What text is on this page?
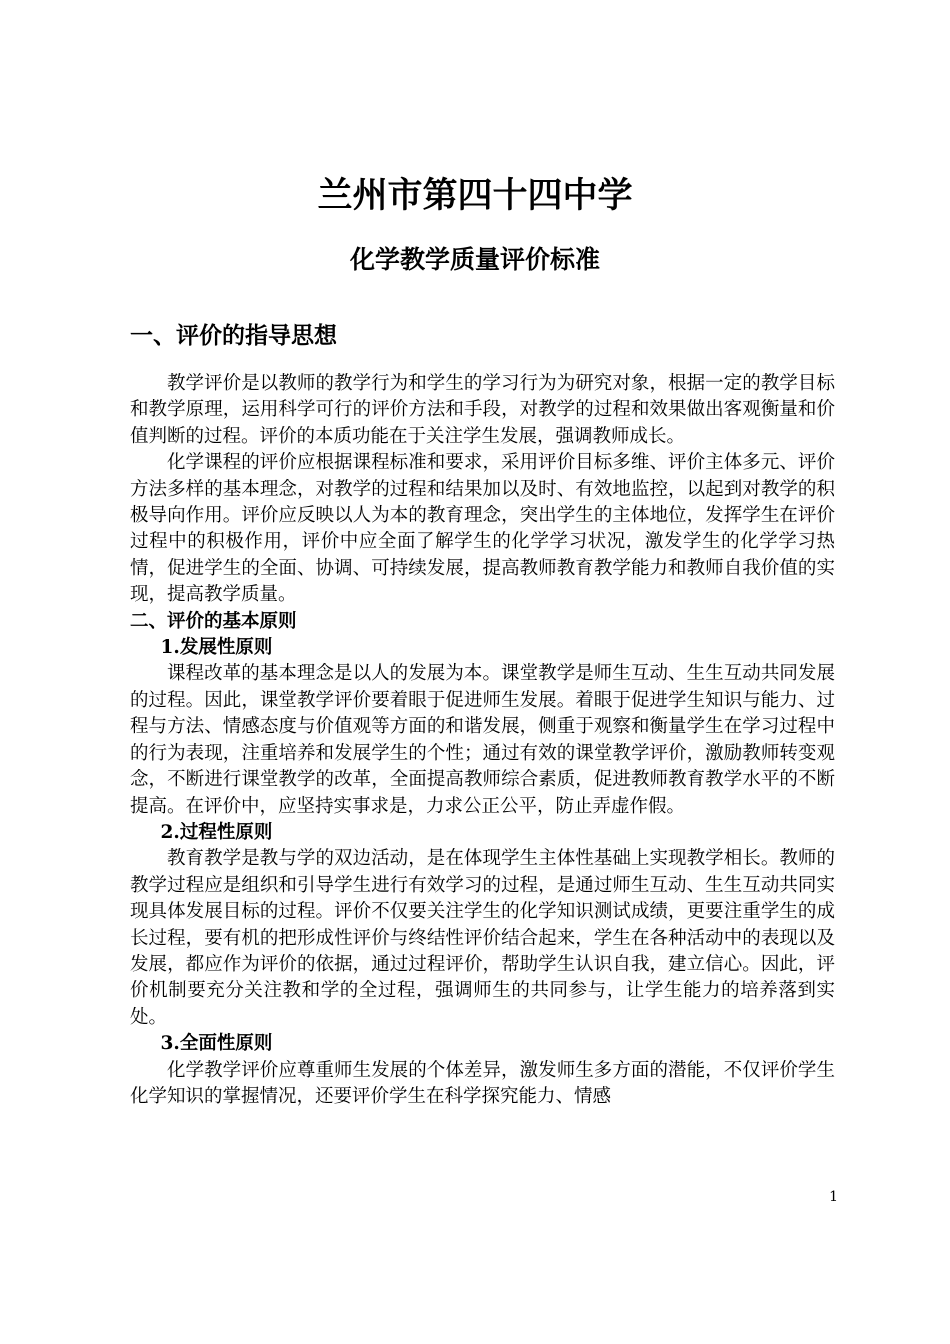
兰州市第四十四中学
化学教学质量评价标准
一、评价的指导思想

教学评价是以教师的教学行为和学生的学习行为为研究对象，根据一定的教学目标和教学原理，运用科学可行的评价方法和手段，对教学的过程和效果做出客观衡量和价值判断的过程。评价的本质功能在于关注学生发展，强调教师成长。

化学课程的评价应根据课程标准和要求，采用评价目标多维、评价主体多元、评价方法多样的基本理念，对教学的过程和结果加以及时、有效地监控，以起到对教学的积极导向作用。评价应反映以人为本的教育理念，突出学生的主体地位，发挥学生在评价过程中的积极作用，评价中应全面了解学生的化学学习状况，激发学生的化学学习热情，促进学生的全面、协调、可持续发展，提高教师教育教学能力和教师自我价值的实现，提高教学质量。

二、评价的基本原则
1.发展性原则

课程改革的基本理念是以人的发展为本。课堂教学是师生互动、生生互动共同发展的过程。因此，课堂教学评价要着眼于促进师生发展。着眼于促进学生知识与能力、过程与方法、情感态度与价值观等方面的和谐发展，侧重于观察和衡量学生在学习过程中的行为表现，注重培养和发展学生的个性；通过有效的课堂教学评价，激励教师转变观念，不断进行课堂教学的改革，全面提高教师综合素质，促进教师教育教学水平的不断提高。在评价中，应坚持实事求是，力求公正公平，防止弄虚作假。

2.过程性原则

教育教学是教与学的双边活动，是在体现学生主体性基础上实现教学相长。教师的教学过程应是组织和引导学生进行有效学习的过程，是通过师生互动、生生互动共同实现具体发展目标的过程。评价不仅要关注学生的化学知识测试成绩，更要注重学生的成长过程，要有机的把形成性评价与终结性评价结合起来，学生在各种活动中的表现以及发展，都应作为评价的依据，通过过程评价，帮助学生认识自我，建立信心。因此，评价机制要充分关注教和学的全过程，强调师生的共同参与，让学生能力的培养落到实处。

3.全面性原则

化学教学评价应尊重师生发展的个体差异，激发师生多方面的潜能，不仅评价学生化学知识的掌握情况，还要评价学生在科学探究能力、情感

1
